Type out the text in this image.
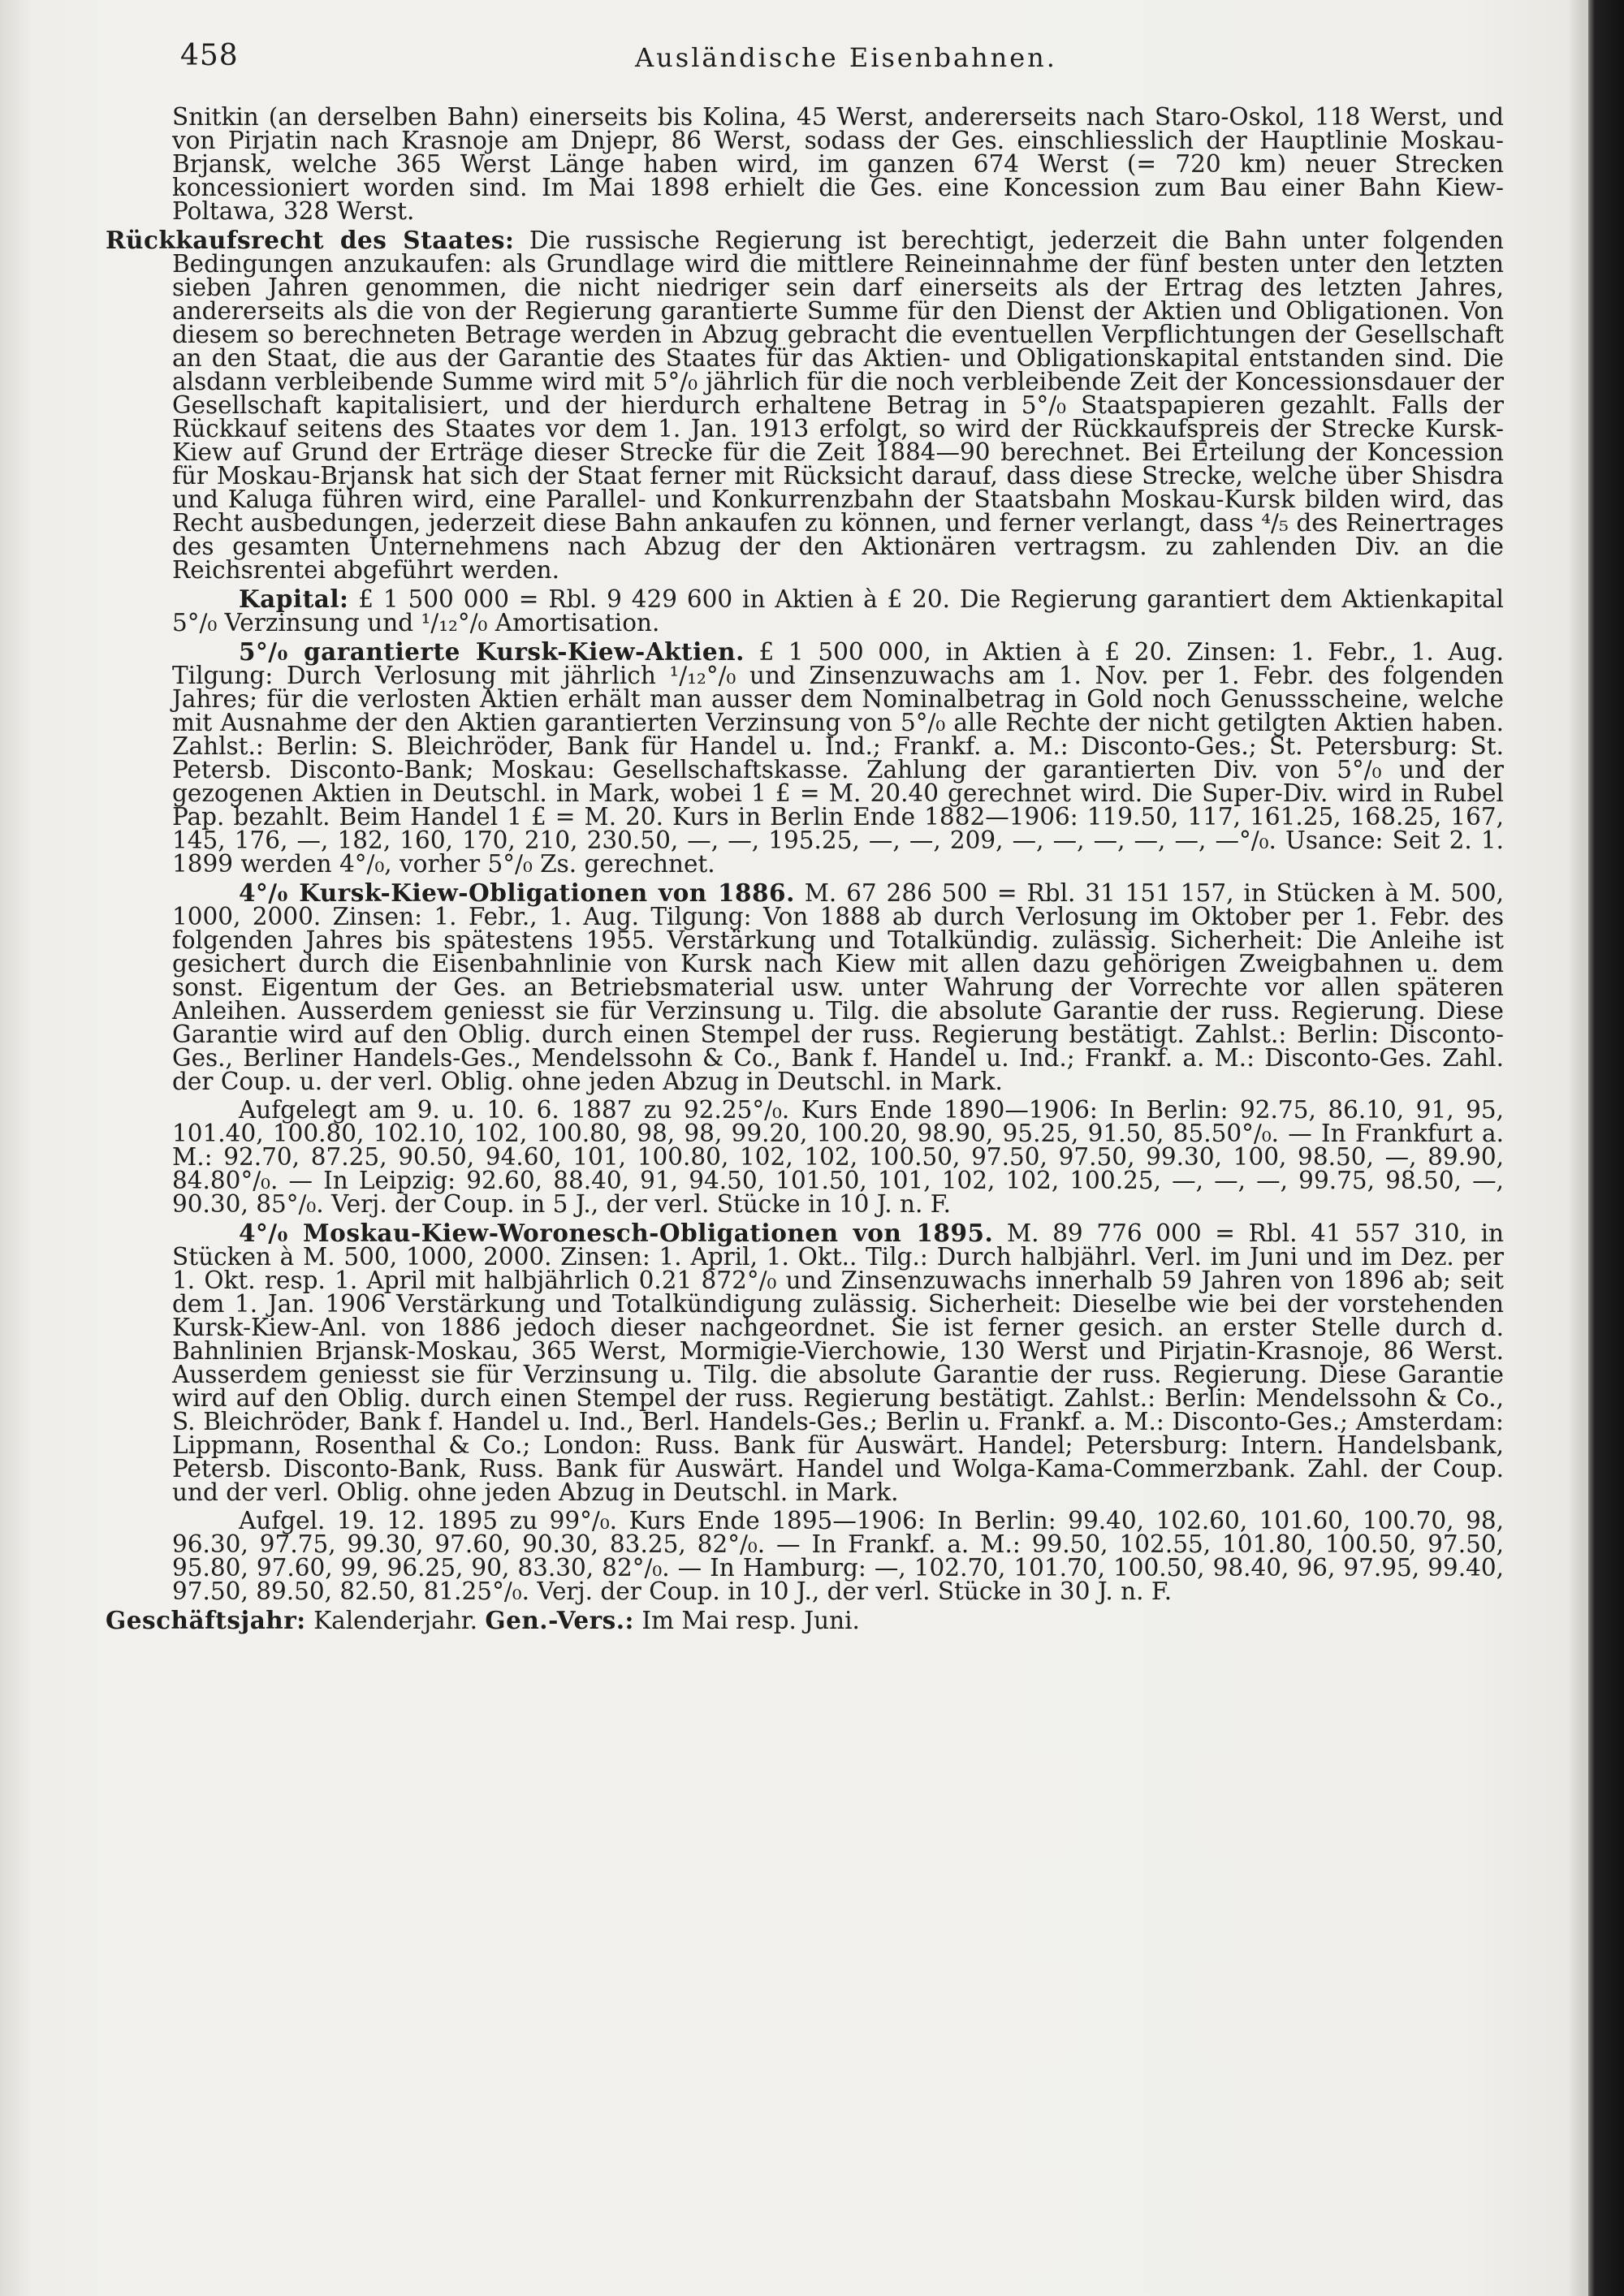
458	Ausländische Eisenbahnen.

Snitkin (an derselben Bahn) einerseits bis Kolina, 45 Werst, andererseits nach Staro-Oskol, 118 Werst, und von Pirjatin nach Krasnoje am Dnjepr, 86 Werst, sodass der Ges. einschliesslich der Hauptlinie Moskau-Brjansk, welche 365 Werst Länge haben wird, im ganzen 674 Werst (= 720 km) neuer Strecken koncessioniert worden sind. Im Mai 1898 erhielt die Ges. eine Koncession zum Bau einer Bahn Kiew-Poltawa, 328 Werst.

Rückkaufsrecht des Staates: Die russische Regierung ist berechtigt, jederzeit die Bahn unter folgenden Bedingungen anzukaufen: als Grundlage wird die mittlere Reineinnahme der fünf besten unter den letzten sieben Jahren genommen, die nicht niedriger sein darf einerseits als der Ertrag des letzten Jahres, andererseits als die von der Regierung garantierte Summe für den Dienst der Aktien und Obligationen. Von diesem so berechneten Betrage werden in Abzug gebracht die eventuellen Verpflichtungen der Gesellschaft an den Staat, die aus der Garantie des Staates für das Aktien- und Obligationskapital entstanden sind. Die alsdann verbleibende Summe wird mit 5°/₀ jährlich für die noch verbleibende Zeit der Koncessionsdauer der Gesellschaft kapitalisiert, und der hierdurch erhaltene Betrag in 5°/₀ Staatspapieren gezahlt. Falls der Rückkauf seitens des Staates vor dem 1. Jan. 1913 erfolgt, so wird der Rückkaufspreis der Strecke Kursk-Kiew auf Grund der Erträge dieser Strecke für die Zeit 1884—90 berechnet. Bei Erteilung der Koncession für Moskau-Brjansk hat sich der Staat ferner mit Rücksicht darauf, dass diese Strecke, welche über Shisdra und Kaluga führen wird, eine Parallel- und Konkurrenzbahn der Staatsbahn Moskau-Kursk bilden wird, das Recht ausbedungen, jederzeit diese Bahn ankaufen zu können, und ferner verlangt, dass ⁴/₅ des Reinertrages des gesamten Unternehmens nach Abzug der den Aktionären vertragsm. zu zahlenden Div. an die Reichsrentei abgeführt werden.

Kapital: £ 1 500 000 = Rbl. 9 429 600 in Aktien à £ 20. Die Regierung garantiert dem Aktienkapital 5°/₀ Verzinsung und ¹/₁₂°/₀ Amortisation.

5°/₀ garantierte Kursk-Kiew-Aktien. £ 1 500 000, in Aktien à £ 20. Zinsen: 1. Febr., 1. Aug. Tilgung: Durch Verlosung mit jährlich ¹/₁₂°/₀ und Zinsenzuwachs am 1. Nov. per 1. Febr. des folgenden Jahres; für die verlosten Aktien erhält man ausser dem Nominalbetrag in Gold noch Genussscheine, welche mit Ausnahme der den Aktien garantierten Verzinsung von 5°/₀ alle Rechte der nicht getilgten Aktien haben. Zahlst.: Berlin: S. Bleichröder, Bank für Handel u. Ind.; Frankf. a. M.: Disconto-Ges.; St. Petersburg: St. Petersb. Disconto-Bank; Moskau: Gesellschaftskasse. Zahlung der garantierten Div. von 5°/₀ und der gezogenen Aktien in Deutschl. in Mark, wobei 1 £ = M. 20.40 gerechnet wird. Die Super-Div. wird in Rubel Pap. bezahlt. Beim Handel 1 £ = M. 20. Kurs in Berlin Ende 1882—1906: 119.50, 117, 161.25, 168.25, 167, 145, 176, —, 182, 160, 170, 210, 230.50, —, —, 195.25, —, —, 209, —, —, —, —, —, —°/₀. Usance: Seit 2. 1. 1899 werden 4°/₀, vorher 5°/₀ Zs. gerechnet.

4°/₀ Kursk-Kiew-Obligationen von 1886. M. 67 286 500 = Rbl. 31 151 157, in Stücken à M. 500, 1000, 2000. Zinsen: 1. Febr., 1. Aug. Tilgung: Von 1888 ab durch Verlosung im Oktober per 1. Febr. des folgenden Jahres bis spätestens 1955. Verstärkung und Totalkündig. zulässig. Sicherheit: Die Anleihe ist gesichert durch die Eisenbahnlinie von Kursk nach Kiew mit allen dazu gehörigen Zweigbahnen u. dem sonst. Eigentum der Ges. an Betriebsmaterial usw. unter Wahrung der Vorrechte vor allen späteren Anleihen. Ausserdem geniesst sie für Verzinsung u. Tilg. die absolute Garantie der russ. Regierung. Diese Garantie wird auf den Oblig. durch einen Stempel der russ. Regierung bestätigt. Zahlst.: Berlin: Disconto-Ges., Berliner Handels-Ges., Mendelssohn & Co., Bank f. Handel u. Ind.; Frankf. a. M.: Disconto-Ges. Zahl. der Coup. u. der verl. Oblig. ohne jeden Abzug in Deutschl. in Mark.

Aufgelegt am 9. u. 10. 6. 1887 zu 92.25°/₀. Kurs Ende 1890—1906: In Berlin: 92.75, 86.10, 91, 95, 101.40, 100.80, 102.10, 102, 100.80, 98, 98, 99.20, 100.20, 98.90, 95.25, 91.50, 85.50°/₀. — In Frankfurt a. M.: 92.70, 87.25, 90.50, 94.60, 101, 100.80, 102, 102, 100.50, 97.50, 97.50, 99.30, 100, 98.50, —, 89.90, 84.80°/₀. — In Leipzig: 92.60, 88.40, 91, 94.50, 101.50, 101, 102, 102, 100.25, —, —, —, 99.75, 98.50, —, 90.30, 85°/₀. Verj. der Coup. in 5 J., der verl. Stücke in 10 J. n. F.

4°/₀ Moskau-Kiew-Woronesch-Obligationen von 1895. M. 89 776 000 = Rbl. 41 557 310, in Stücken à M. 500, 1000, 2000. Zinsen: 1. April, 1. Okt.. Tilg.: Durch halbjährl. Verl. im Juni und im Dez. per 1. Okt. resp. 1. April mit halbjährlich 0.21 872°/₀ und Zinsenzuwachs innerhalb 59 Jahren von 1896 ab; seit dem 1. Jan. 1906 Verstärkung und Totalkündigung zulässig. Sicherheit: Dieselbe wie bei der vorstehenden Kursk-Kiew-Anl. von 1886 jedoch dieser nachgeordnet. Sie ist ferner gesich. an erster Stelle durch d. Bahnlinien Brjansk-Moskau, 365 Werst, Mormigie-Vierchowie, 130 Werst und Pirjatin-Krasnoje, 86 Werst. Ausserdem geniesst sie für Verzinsung u. Tilg. die absolute Garantie der russ. Regierung. Diese Garantie wird auf den Oblig. durch einen Stempel der russ. Regierung bestätigt. Zahlst.: Berlin: Mendelssohn & Co., S. Bleichröder, Bank f. Handel u. Ind., Berl. Handels-Ges.; Berlin u. Frankf. a. M.: Disconto-Ges.; Amsterdam: Lippmann, Rosenthal & Co.; London: Russ. Bank für Auswärt. Handel; Petersburg: Intern. Handelsbank, Petersb. Disconto-Bank, Russ. Bank für Auswärt. Handel und Wolga-Kama-Commerzbank. Zahl. der Coup. und der verl. Oblig. ohne jeden Abzug in Deutschl. in Mark.

Aufgel. 19. 12. 1895 zu 99°/₀. Kurs Ende 1895—1906: In Berlin: 99.40, 102.60, 101.60, 100.70, 98, 96.30, 97.75, 99.30, 97.60, 90.30, 83.25, 82°/₀. — In Frankf. a. M.: 99.50, 102.55, 101.80, 100.50, 97.50, 95.80, 97.60, 99, 96.25, 90, 83.30, 82°/₀. — In Hamburg: —, 102.70, 101.70, 100.50, 98.40, 96, 97.95, 99.40, 97.50, 89.50, 82.50, 81.25°/₀. Verj. der Coup. in 10 J., der verl. Stücke in 30 J. n. F.

Geschäftsjahr: Kalenderjahr. Gen.-Vers.: Im Mai resp. Juni.
